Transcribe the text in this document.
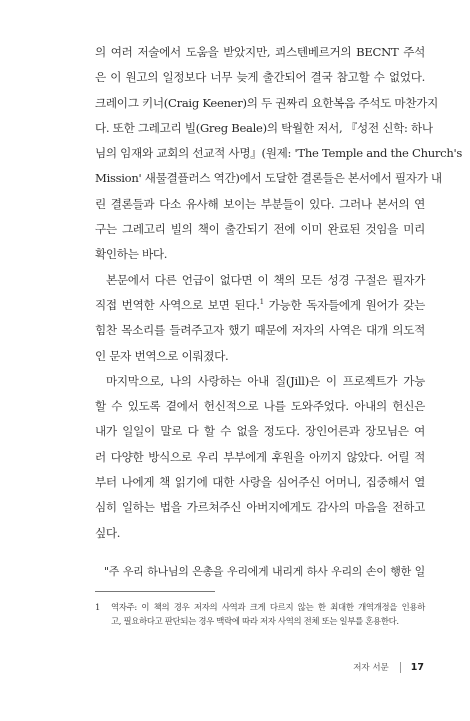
의 여러 저술에서 도움을 받았지만, 쾨스텐베르거의 BECNT 주석
은 이 원고의 일정보다 너무 늦게 출간되어 결국 참고할 수 없었다.
크레이그 키너(Craig Keener)의 두 권짜리 요한복음 주석도 마찬가지
다. 또한 그레고리 빌(Greg Beale)의 탁월한 저서, 『성전 신학: 하나
님의 임재와 교회의 선교적 사명』(원제: 'The Temple and the Church's
Mission' 새물결플러스 역간)에서 도달한 결론들은 본서에서 필자가 내
린 결론들과 다소 유사해 보이는 부분들이 있다. 그러나 본서의 연
구는 그레고리 빌의 책이 출간되기 전에 이미 완료된 것임을 미리
확인하는 바다.
본문에서 다른 언급이 없다면 이 책의 모든 성경 구절은 필자가
직접 번역한 사역으로 보면 된다.$^1$ 가능한 독자들에게 원어가 갖는
힘찬 목소리를 들려주고자 했기 때문에 저자의 사역은 대개 의도적
인 문자 번역으로 이뤄졌다.
마지막으로, 나의 사랑하는 아내 질(Jill)은 이 프로젝트가 가능
할 수 있도록 곁에서 헌신적으로 나를 도와주었다. 아내의 헌신은
내가 일일이 말로 다 할 수 없을 정도다. 장인어른과 장모님은 여
러 다양한 방식으로 우리 부부에게 후원을 아끼지 않았다. 어릴 적
부터 나에게 책 읽기에 대한 사랑을 심어주신 어머니, 집중해서 열
심히 일하는 법을 가르쳐주신 아버지에게도 감사의 마음을 전하고
싶다.
"주 우리 하나님의 은총을 우리에게 내리게 하사 우리의 손이 행한 일
1 역자주: 이 책의 경우 저자의 사역과 크게 다르지 않는 한 최대한 개역개정을 인용하
고, 필요하다고 판단되는 경우 맥락에 따라 저자 사역의 전체 또는 일부를 혼용한다.
저자 서문 17
